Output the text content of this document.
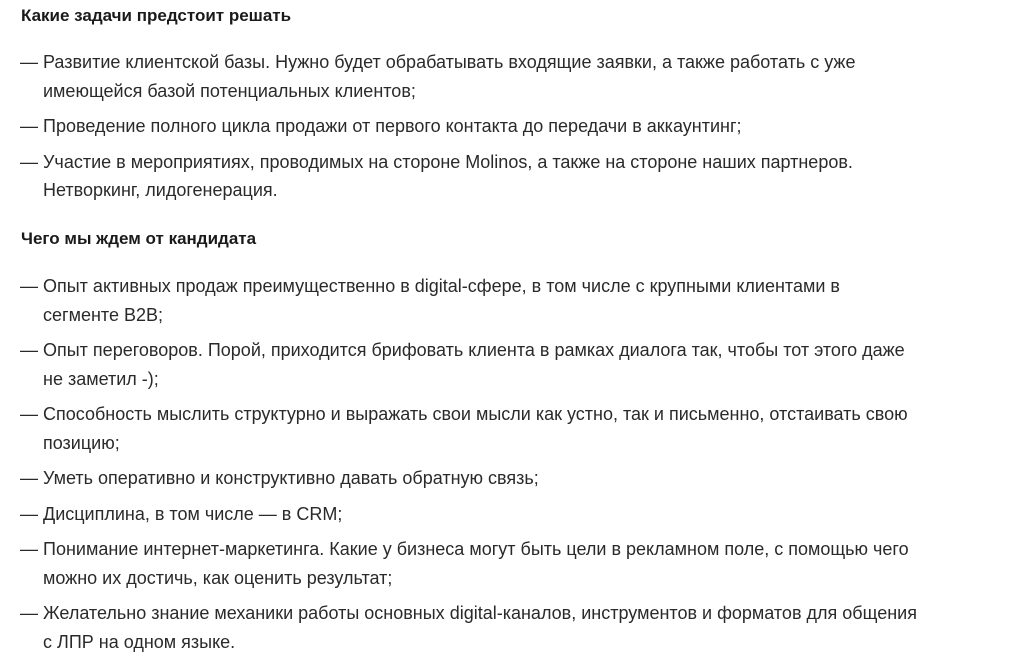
Какие задачи предстоит решать
— Развитие клиентской базы. Нужно будет обрабатывать входящие заявки, а также работать с уже имеющейся базой потенциальных клиентов;
— Проведение полного цикла продажи от первого контакта до передачи в аккаунтинг;
— Участие в мероприятиях, проводимых на стороне Molinos, а также на стороне наших партнеров. Нетворкинг, лидогенерация.
Чего мы ждем от кандидата
— Опыт активных продаж преимущественно в digital-сфере, в том числе с крупными клиентами в сегменте B2B;
— Опыт переговоров. Порой, приходится брифовать клиента в рамках диалога так, чтобы тот этого даже не заметил -);
— Способность мыслить структурно и выражать свои мысли как устно, так и письменно, отстаивать свою позицию;
— Уметь оперативно и конструктивно давать обратную связь;
— Дисциплина, в том числе — в CRM;
— Понимание интернет-маркетинга. Какие у бизнеса могут быть цели в рекламном поле, с помощью чего можно их достичь, как оценить результат;
— Желательно знание механики работы основных digital-каналов, инструментов и форматов для общения с ЛПР на одном языке.
